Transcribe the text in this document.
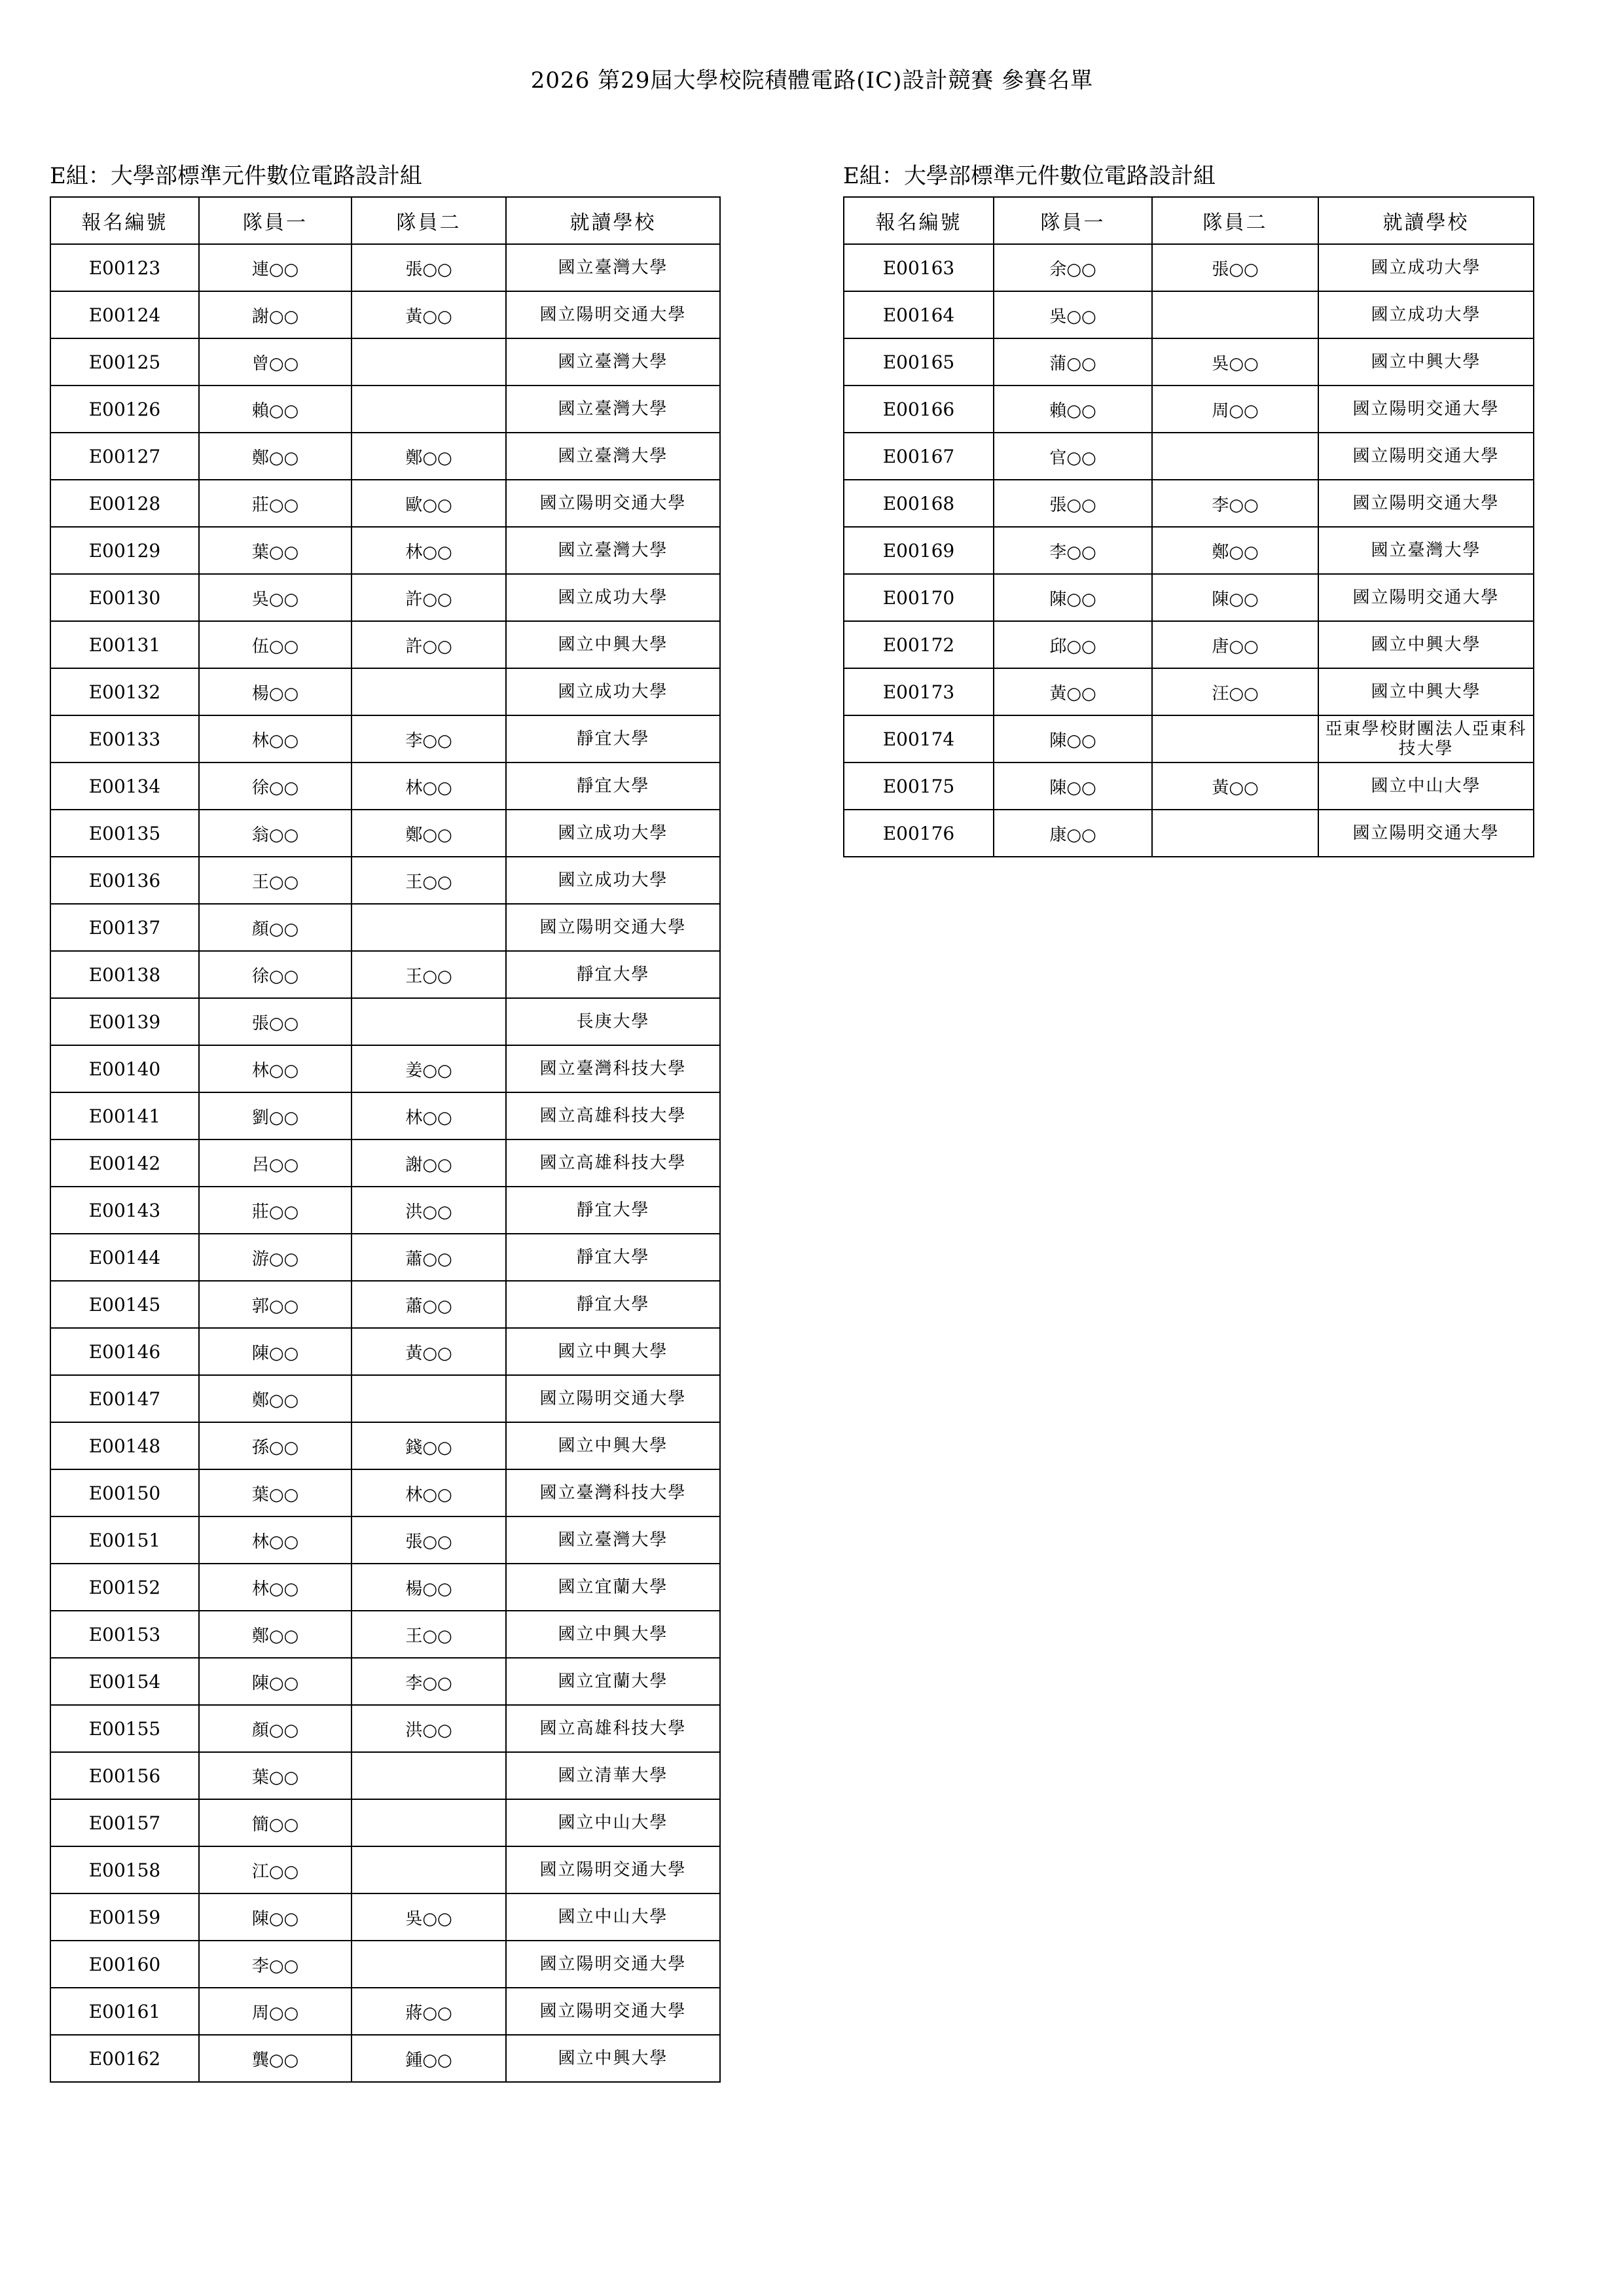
2026 第29屆大學校院積體電路(IC)設計競賽 參賽名單
E組：大學部標準元件數位電路設計組
報名編號	隊員一	隊員二	就讀學校
E00123	連○○	張○○	國立臺灣大學
E00124	謝○○	黃○○	國立陽明交通大學
E00125	曾○○		國立臺灣大學
E00126	賴○○		國立臺灣大學
E00127	鄭○○	鄭○○	國立臺灣大學
E00128	莊○○	歐○○	國立陽明交通大學
E00129	葉○○	林○○	國立臺灣大學
E00130	吳○○	許○○	國立成功大學
E00131	伍○○	許○○	國立中興大學
E00132	楊○○		國立成功大學
E00133	林○○	李○○	靜宜大學
E00134	徐○○	林○○	靜宜大學
E00135	翁○○	鄭○○	國立成功大學
E00136	王○○	王○○	國立成功大學
E00137	顏○○		國立陽明交通大學
E00138	徐○○	王○○	靜宜大學
E00139	張○○		長庚大學
E00140	林○○	姜○○	國立臺灣科技大學
E00141	劉○○	林○○	國立高雄科技大學
E00142	呂○○	謝○○	國立高雄科技大學
E00143	莊○○	洪○○	靜宜大學
E00144	游○○	蕭○○	靜宜大學
E00145	郭○○	蕭○○	靜宜大學
E00146	陳○○	黃○○	國立中興大學
E00147	鄭○○		國立陽明交通大學
E00148	孫○○	錢○○	國立中興大學
E00150	葉○○	林○○	國立臺灣科技大學
E00151	林○○	張○○	國立臺灣大學
E00152	林○○	楊○○	國立宜蘭大學
E00153	鄭○○	王○○	國立中興大學
E00154	陳○○	李○○	國立宜蘭大學
E00155	顏○○	洪○○	國立高雄科技大學
E00156	葉○○		國立清華大學
E00157	簡○○		國立中山大學
E00158	江○○		國立陽明交通大學
E00159	陳○○	吳○○	國立中山大學
E00160	李○○		國立陽明交通大學
E00161	周○○	蔣○○	國立陽明交通大學
E00162	龔○○	鍾○○	國立中興大學
E組：大學部標準元件數位電路設計組
報名編號	隊員一	隊員二	就讀學校
E00163	余○○	張○○	國立成功大學
E00164	吳○○		國立成功大學
E00165	蒲○○	吳○○	國立中興大學
E00166	賴○○	周○○	國立陽明交通大學
E00167	官○○		國立陽明交通大學
E00168	張○○	李○○	國立陽明交通大學
E00169	李○○	鄭○○	國立臺灣大學
E00170	陳○○	陳○○	國立陽明交通大學
E00172	邱○○	唐○○	國立中興大學
E00173	黃○○	汪○○	國立中興大學
E00174	陳○○		亞東學校財團法人亞東科技大學
E00175	陳○○	黃○○	國立中山大學
E00176	康○○		國立陽明交通大學
